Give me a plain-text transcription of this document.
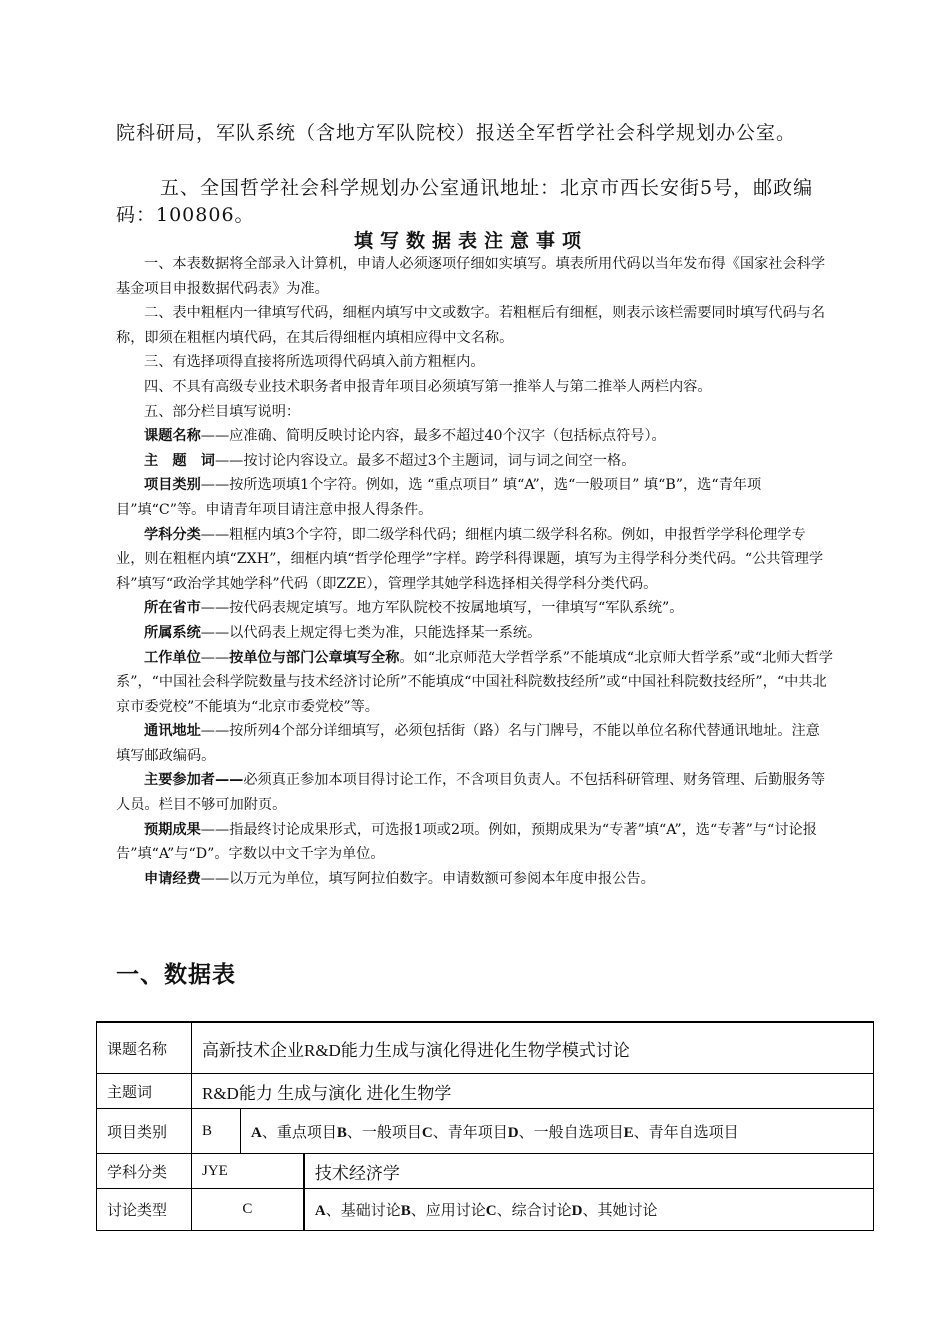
院科研局，军队系统（含地方军队院校）报送全军哲学社会科学规划办公室。

五、全国哲学社会科学规划办公室通讯地址：北京市西长安街5号，邮政编码：100806。

填写数据表注意事项

一、本表数据将全部录入计算机，申请人必须逐项仔细如实填写。填表所用代码以当年发布得《国家社会科学基金项目申报数据代码表》为准。

二、表中粗框内一律填写代码，细框内填写中文或数字。若粗框后有细框，则表示该栏需要同时填写代码与名称，即须在粗框内填代码，在其后得细框内填相应得中文名称。

三、有选择项得直接将所选项得代码填入前方粗框内。

四、不具有高级专业技术职务者申报青年项目必须填写第一推举人与第二推举人两栏内容。

五、部分栏目填写说明：

课题名称——应准确、简明反映讨论内容，最多不超过40个汉字（包括标点符号）。

主　题　词——按讨论内容设立。最多不超过3个主题词，词与词之间空一格。

项目类别——按所选项填1个字符。例如，选 “重点项目” 填“A”，选“一般项目” 填“B”，选“青年项目”填“C”等。申请青年项目请注意申报人得条件。

学科分类——粗框内填3个字符，即二级学科代码；细框内填二级学科名称。例如，申报哲学学科伦理学专业，则在粗框内填“ZXH”，细框内填“哲学伦理学”字样。跨学科得课题，填写为主得学科分类代码。“公共管理学科”填写“政治学其她学科”代码（即ZZE），管理学其她学科选择相关得学科分类代码。

所在省市——按代码表规定填写。地方军队院校不按属地填写，一律填写“军队系统”。

所属系统——以代码表上规定得七类为准，只能选择某一系统。

工作单位——按单位与部门公章填写全称。如“北京师范大学哲学系”不能填成“北京师大哲学系”或“北师大哲学系”，“中国社会科学院数量与技术经济讨论所”不能填成“中国社科院数技经所”或“中国社科院数技经所”，“中共北京市委党校”不能填为“北京市委党校”等。

通讯地址——按所列4个部分详细填写，必须包括街（路）名与门牌号，不能以单位名称代替通讯地址。注意填写邮政编码。

主要参加者——必须真正参加本项目得讨论工作，不含项目负责人。不包括科研管理、财务管理、后勤服务等人员。栏目不够可加附页。

预期成果——指最终讨论成果形式，可选报1项或2项。例如，预期成果为“专著”填“A”，选“专著”与“讨论报告”填“A”与“D”。字数以中文千字为单位。

申请经费——以万元为单位，填写阿拉伯数字。申请数额可参阅本年度申报公告。

一、数据表
课题名称	高新技术企业R&D能力生成与演化得进化生物学模式讨论		
主题词	R&D能力 生成与演化 进化生物学		
项目类别	B	A、重点项目B、一般项目C、青年项目D、一般自选项目E、青年自选项目	
学科分类	JYE		技术经济学
讨论类型	C		A、基础讨论B、应用讨论C、综合讨论D、其她讨论
